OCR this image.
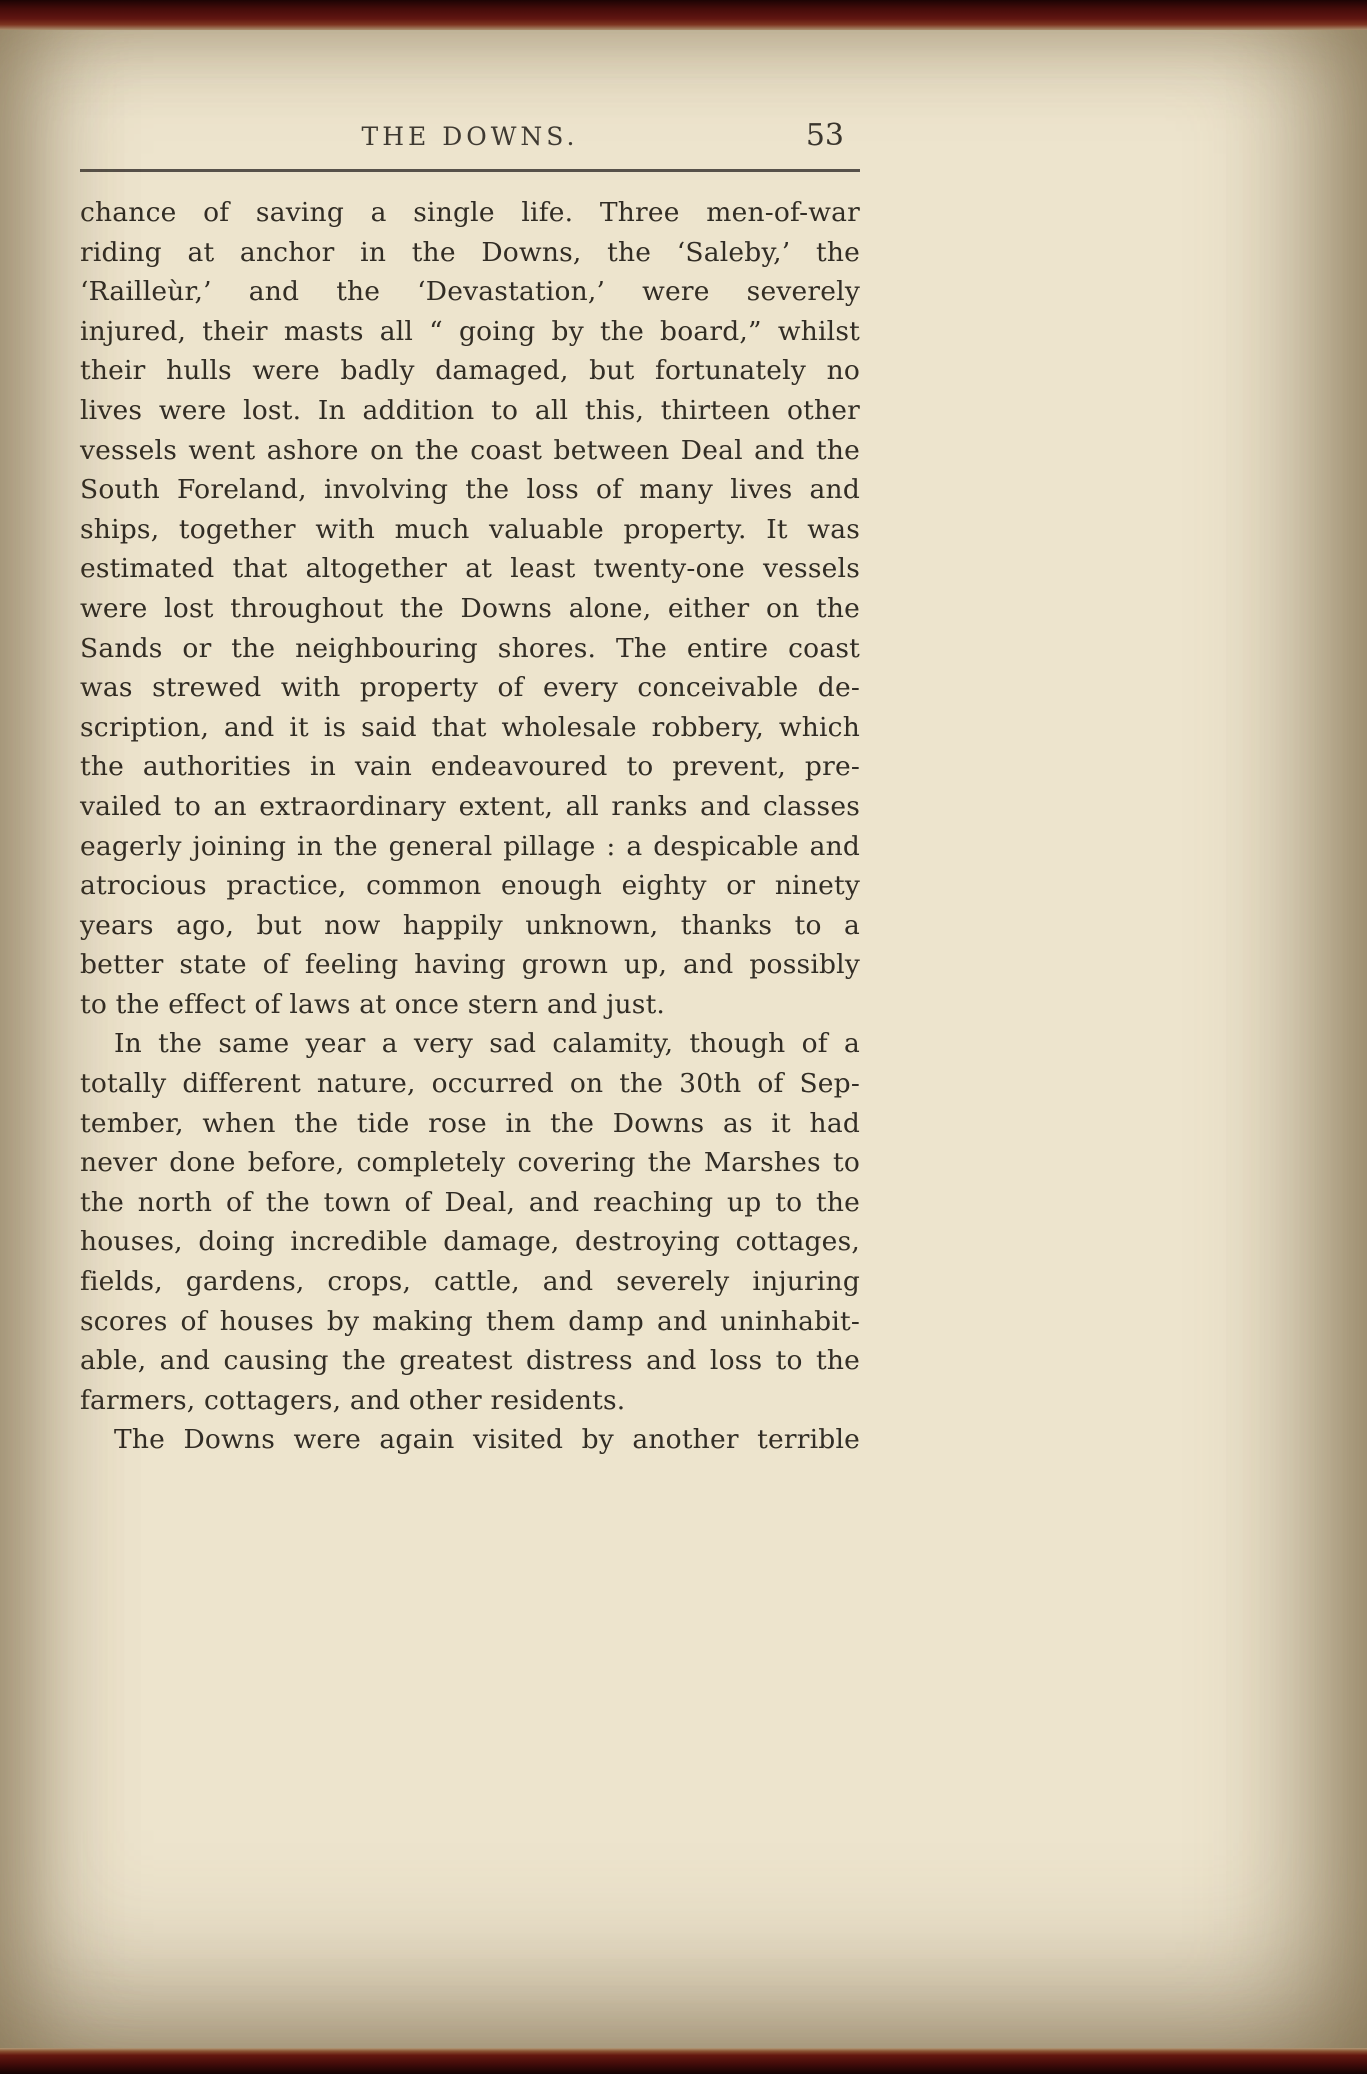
THE DOWNS.	53
chance of saving a single life. Three men-of-war
riding at anchor in the Downs, the ‘Saleby,’ the
‘Railleùr,’ and the ‘Devastation,’ were severely
injured, their masts all “ going by the board,” whilst
their hulls were badly damaged, but fortunately no
lives were lost. In addition to all this, thirteen other
vessels went ashore on the coast between Deal and the
South Foreland, involving the loss of many lives and
ships, together with much valuable property. It was
estimated that altogether at least twenty-one vessels
were lost throughout the Downs alone, either on the
Sands or the neighbouring shores. The entire coast
was strewed with property of every conceivable de-
scription, and it is said that wholesale robbery, which
the authorities in vain endeavoured to prevent, pre-
vailed to an extraordinary extent, all ranks and classes
eagerly joining in the general pillage : a despicable and
atrocious practice, common enough eighty or ninety
years ago, but now happily unknown, thanks to a
better state of feeling having grown up, and possibly
to the effect of laws at once stern and just.
In the same year a very sad calamity, though of a
totally different nature, occurred on the 30th of Sep-
tember, when the tide rose in the Downs as it had
never done before, completely covering the Marshes to
the north of the town of Deal, and reaching up to the
houses, doing incredible damage, destroying cottages,
fields, gardens, crops, cattle, and severely injuring
scores of houses by making them damp and uninhabit-
able, and causing the greatest distress and loss to the
farmers, cottagers, and other residents.
The Downs were again visited by another terrible
